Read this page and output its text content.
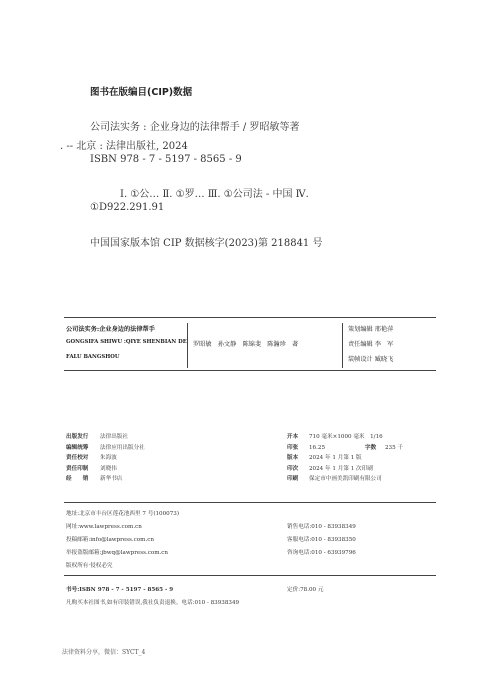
图书在版编目(CIP)数据
公司法实务 : 企业身边的法律帮手 / 罗昭敏等著
. -- 北京 : 法律出版社, 2024
ISBN 978 - 7 - 5197 - 8565 - 9
Ⅰ. ①公… Ⅱ. ①罗… Ⅲ. ①公司法 - 中国 Ⅳ.
①D922.291.91
中国国家版本馆 CIP 数据核字(2023)第 218841 号
公司法实务:企业身边的法律帮手
GONGSIFA SHIWU :QIYE SHENBIAN DE
FALU BANGSHOU
罗昭敏　孙文静　陈锦斐　陈瀚珍　著
策划编辑 邢艳萍
责任编辑 李　军
装帧设计 臧晓飞
出版发行 法律出版社
编辑统筹 法律应用出版分社
责任校对 朱海波
责任印制 刘晓伟
经　　销 新华书店
开本 710 毫米×1000 毫米　1/16
印张 16.25	字数 235 千
版本 2024 年 1 月第 1 版
印次 2024 年 1 月第 1 次印刷
印刷 保定市中画美凯印刷有限公司
地址:北京市丰台区莲花池西里 7 号(100073)
网址:www.lawpress.com.cn	销售电话:010 - 83938349
投稿邮箱:info@lawpress.com.cn	客服电话:010 - 83938350
举报盗版邮箱:jbwq@lawpress.com.cn	咨询电话:010 - 63939796
版权所有·侵权必究
书号:ISBN 978 - 7 - 5197 - 8565 - 9	定价:78.00 元
凡购买本社图书,如有印装错误,我社负责退换。电话:010 - 83938349
法律资料分享，微信：SYCT_4
